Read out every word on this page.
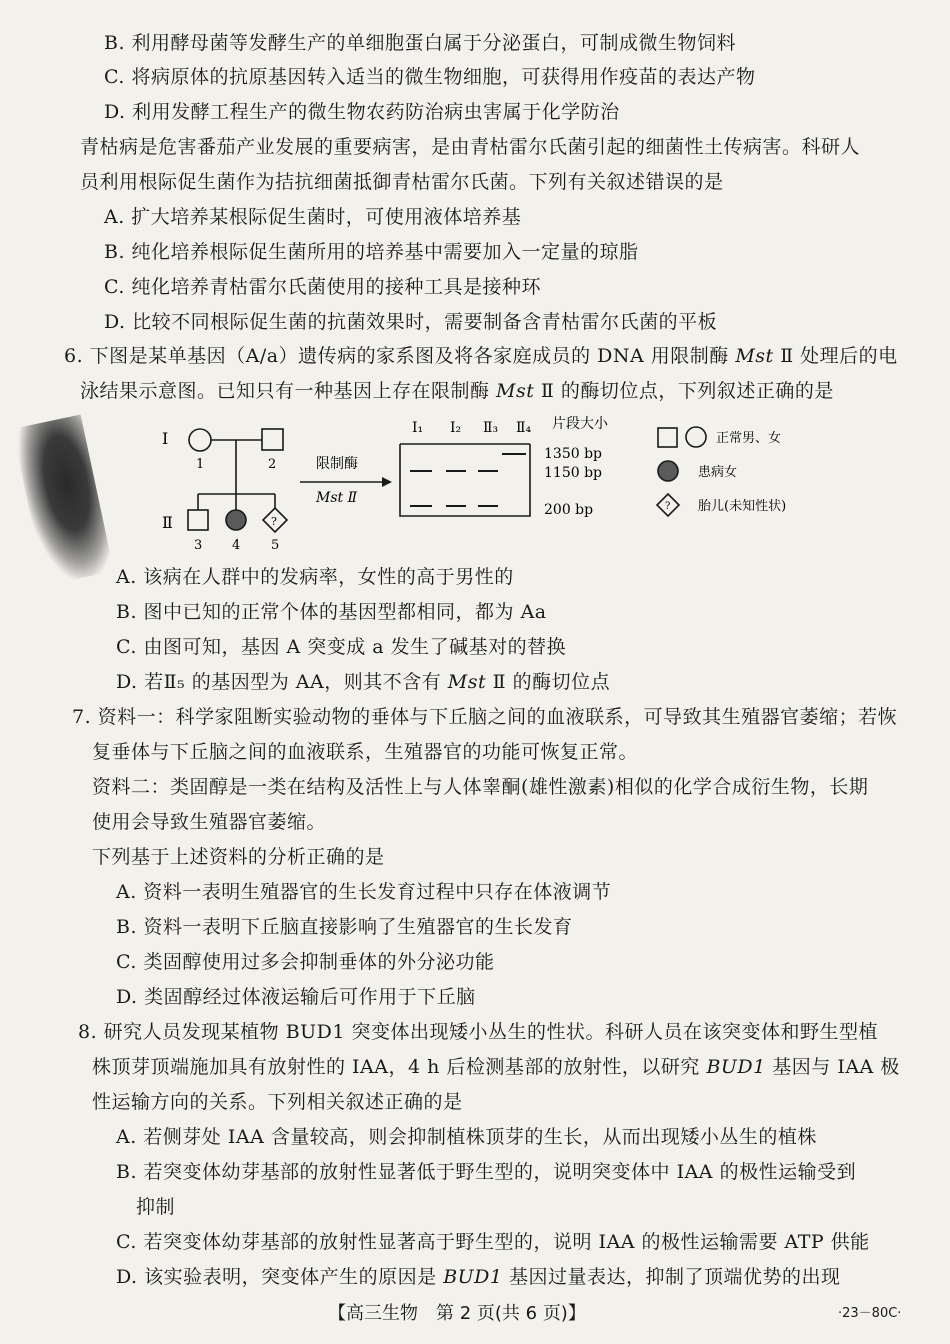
B. 利用酵母菌等发酵生产的单细胞蛋白属于分泌蛋白，可制成微生物饲料
C. 将病原体的抗原基因转入适当的微生物细胞，可获得用作疫苗的表达产物
D. 利用发酵工程生产的微生物农药防治病虫害属于化学防治
青枯病是危害番茄产业发展的重要病害，是由青枯雷尔氏菌引起的细菌性土传病害。科研人
员利用根际促生菌作为拮抗细菌抵御青枯雷尔氏菌。下列有关叙述错误的是
A. 扩大培养某根际促生菌时，可使用液体培养基
B. 纯化培养根际促生菌所用的培养基中需要加入一定量的琼脂
C. 纯化培养青枯雷尔氏菌使用的接种工具是接种环
D. 比较不同根际促生菌的抗菌效果时，需要制备含青枯雷尔氏菌的平板
6. 下图是某单基因（A/a）遗传病的家系图及将各家庭成员的 DNA 用限制酶 Mst Ⅱ 处理后的电
泳结果示意图。已知只有一种基因上存在限制酶 Mst Ⅱ 的酶切位点，下列叙述正确的是
Ⅰ
Ⅱ
1	2
?
3 4 5
限制酶
Mst Ⅱ
Ⅰ₁ Ⅰ₂ Ⅱ₃ Ⅱ₄ 片段大小
1350 bp
1150 bp
200 bp
正常男、女
患病女
? 胎儿(未知性状)
A. 该病在人群中的发病率，女性的高于男性的
B. 图中已知的正常个体的基因型都相同，都为 Aa
C. 由图可知，基因 A 突变成 a 发生了碱基对的替换
D. 若Ⅱ₅ 的基因型为 AA，则其不含有 Mst Ⅱ 的酶切位点
7. 资料一：科学家阻断实验动物的垂体与下丘脑之间的血液联系，可导致其生殖器官萎缩；若恢
复垂体与下丘脑之间的血液联系，生殖器官的功能可恢复正常。
资料二：类固醇是一类在结构及活性上与人体睾酮(雄性激素)相似的化学合成衍生物，长期
使用会导致生殖器官萎缩。
下列基于上述资料的分析正确的是
A. 资料一表明生殖器官的生长发育过程中只存在体液调节
B. 资料一表明下丘脑直接影响了生殖器官的生长发育
C. 类固醇使用过多会抑制垂体的外分泌功能
D. 类固醇经过体液运输后可作用于下丘脑
8. 研究人员发现某植物 BUD1 突变体出现矮小丛生的性状。科研人员在该突变体和野生型植
株顶芽顶端施加具有放射性的 IAA，4 h 后检测基部的放射性，以研究 BUD1 基因与 IAA 极
性运输方向的关系。下列相关叙述正确的是
A. 若侧芽处 IAA 含量较高，则会抑制植株顶芽的生长，从而出现矮小丛生的植株
B. 若突变体幼芽基部的放射性显著低于野生型的，说明突变体中 IAA 的极性运输受到
抑制
C. 若突变体幼芽基部的放射性显著高于野生型的，说明 IAA 的极性运输需要 ATP 供能
D. 该实验表明，突变体产生的原因是 BUD1 基因过量表达，抑制了顶端优势的出现
【高三生物　第 2 页(共 6 页)】	·23－80C·
